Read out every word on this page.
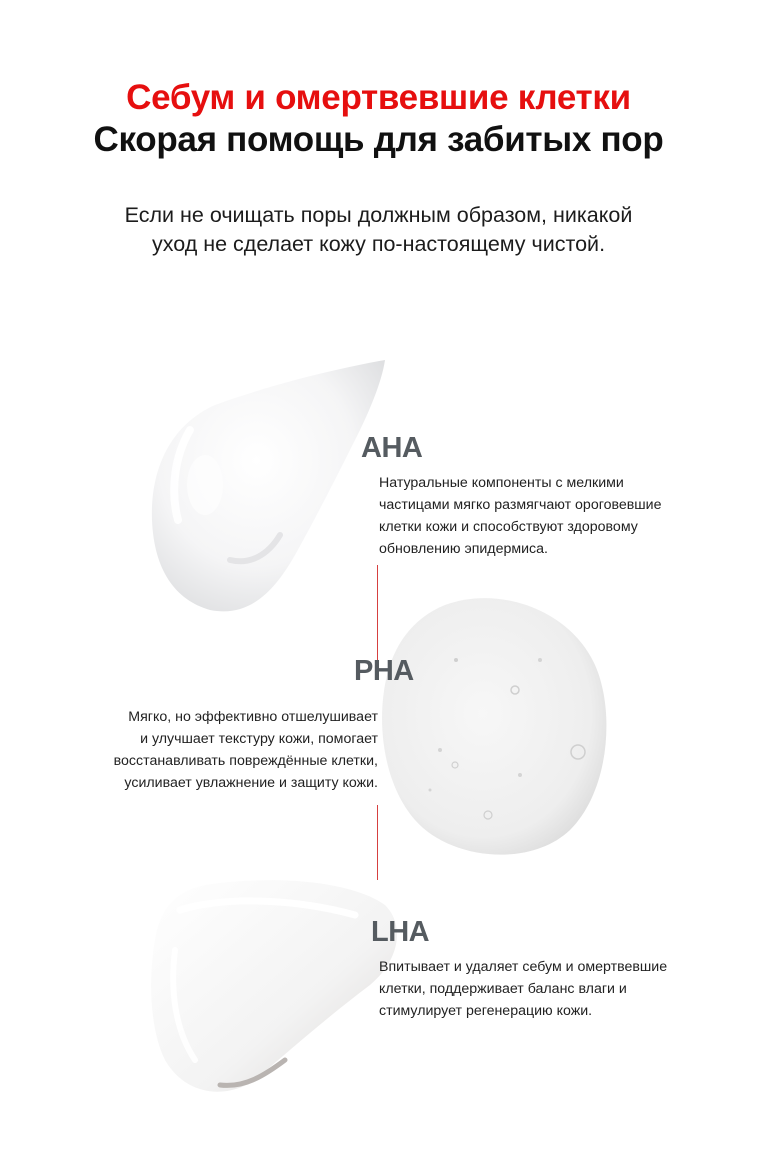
Себум и омертвевшие клетки
Скорая помощь для забитых пор
Если не очищать поры должным образом, никакой
уход не сделает кожу по-настоящему чистой.
AHA
Натуральные компоненты с мелкими
частицами мягко размягчают ороговевшие
клетки кожи и способствуют здоровому
обновлению эпидермиса.
PHA
Мягко, но эффективно отшелушивает
и улучшает текстуру кожи, помогает
восстанавливать повреждённые клетки,
усиливает увлажнение и защиту кожи.
LHA
Впитывает и удаляет себум и омертвевшие
клетки, поддерживает баланс влаги и
стимулирует регенерацию кожи.
